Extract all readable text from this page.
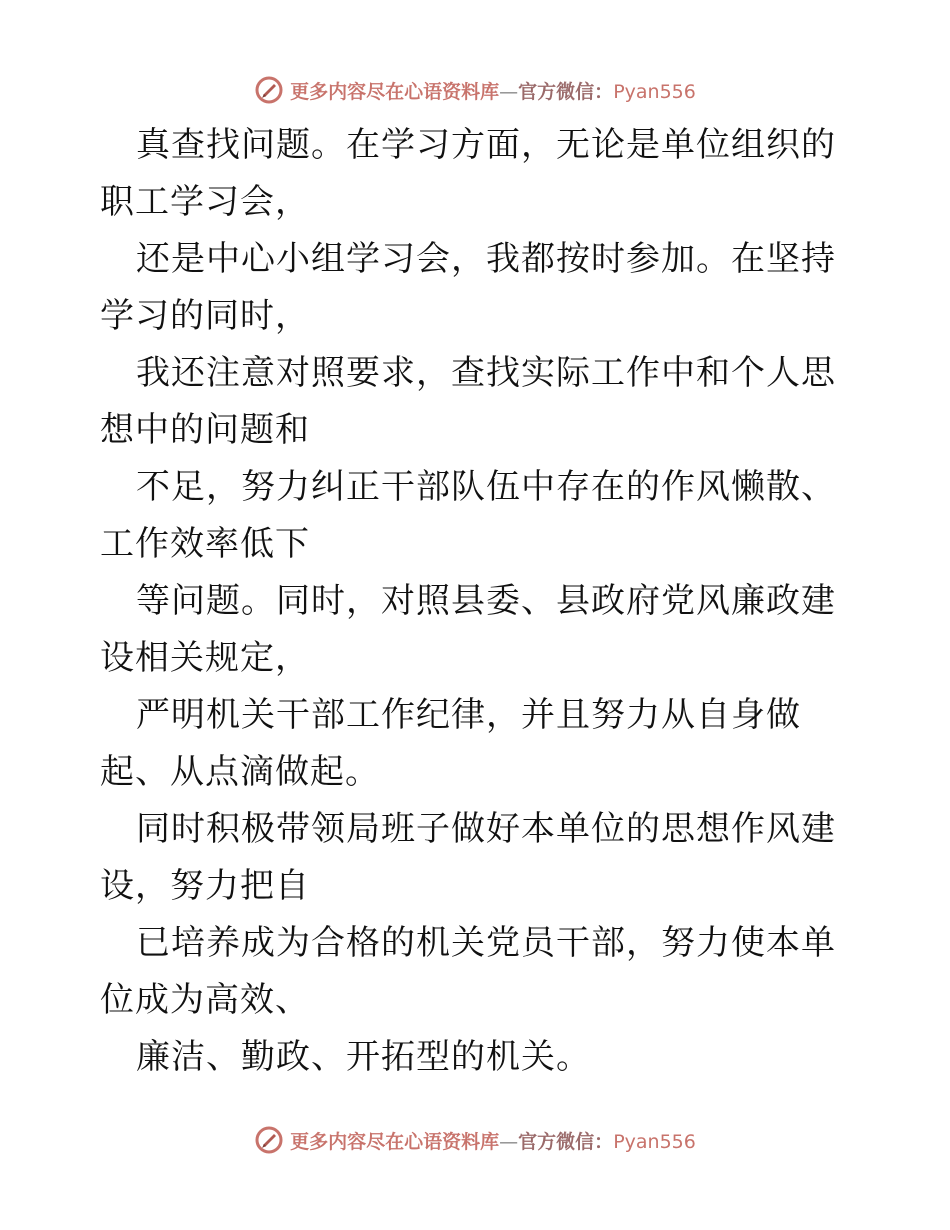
更多内容尽在心语资料库—官方微信：Pyan556

真查找问题。在学习方面，无论是单位组织的职工学习会，

还是中心小组学习会，我都按时参加。在坚持学习的同时，

我还注意对照要求，查找实际工作中和个人思想中的问题和

不足，努力纠正干部队伍中存在的作风懒散、工作效率低下

等问题。同时，对照县委、县政府党风廉政建设相关规定，

严明机关干部工作纪律，并且努力从自身做起、从点滴做起。

同时积极带领局班子做好本单位的思想作风建设，努力把自

已培养成为合格的机关党员干部，努力使本单位成为高效、

廉洁、勤政、开拓型的机关。

更多内容尽在心语资料库—官方微信：Pyan556
